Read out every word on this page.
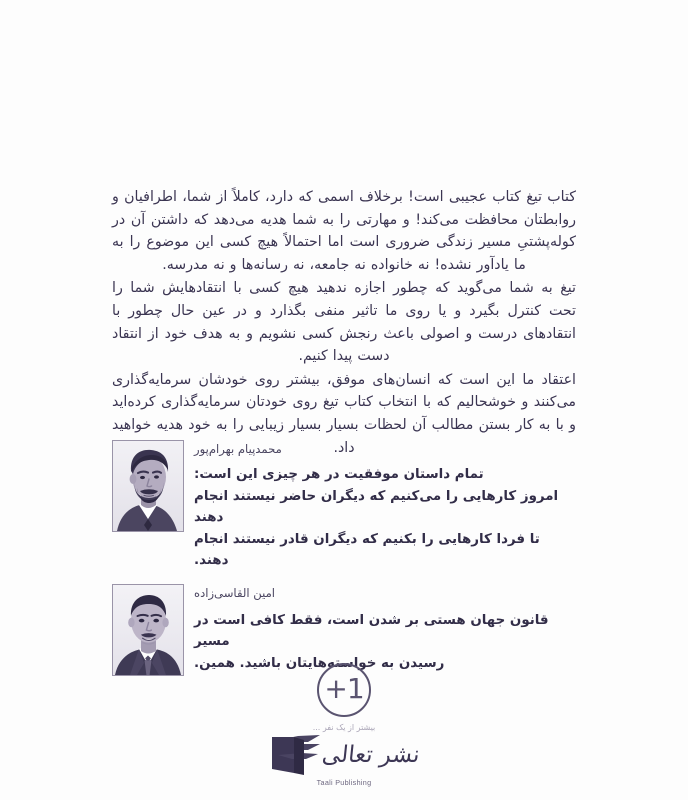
کتاب تیغ کتاب عجیبی است! برخلاف اسمی که دارد، کاملاً از شما، اطرافیان و روابطتان محافظت می‌کند! و مهارتی را به شما هدیه می‌دهد که داشتن آن در کوله‌پشتیِ مسیر زندگی ضروری است اما احتمالاً هیچ کسی این موضوع را به ما یادآور نشده! نه خانواده نه جامعه، نه رسانه‌ها و نه مدرسه.

تیغ به شما می‌گوید که چطور اجازه ندهید هیچ کسی با انتقادهایش شما را تحت کنترل بگیرد و یا روی ما تاثیر منفی بگذارد و در عین حال چطور با انتقادهای درست و اصولی باعث رنجش کسی نشویم و به هدف خود از انتقاد دست پیدا کنیم.

اعتقاد ما این است که انسان‌های موفق، بیشتر روی خودشان سرمایه‌گذاری می‌کنند و خوشحالیم که با انتخاب کتاب تیغ روی خودتان سرمایه‌گذاری کرده‌اید و با به کار بستن مطالب آن لحظات بسیار بسیار زیبایی را به خود هدیه خواهید داد.

محمدپیام بهرام‌پور
تمام داستان موفقیت در هر چیزی این است:
امروز کارهایی را می‌کنیم که دیگران حاضر نیستند انجام دهند
تا فردا کارهایی را بکنیم که دیگران قادر نیستند انجام دهند.
امین القاسی‌زاده
قانون جهان هستی بر شدن است، فقط کافی است در مسیر
رسیدن به خواسته‌هایتان باشید. همین.
+1
بیشتر از یک نفر ...
نشر تعالی
Taali Publishing
